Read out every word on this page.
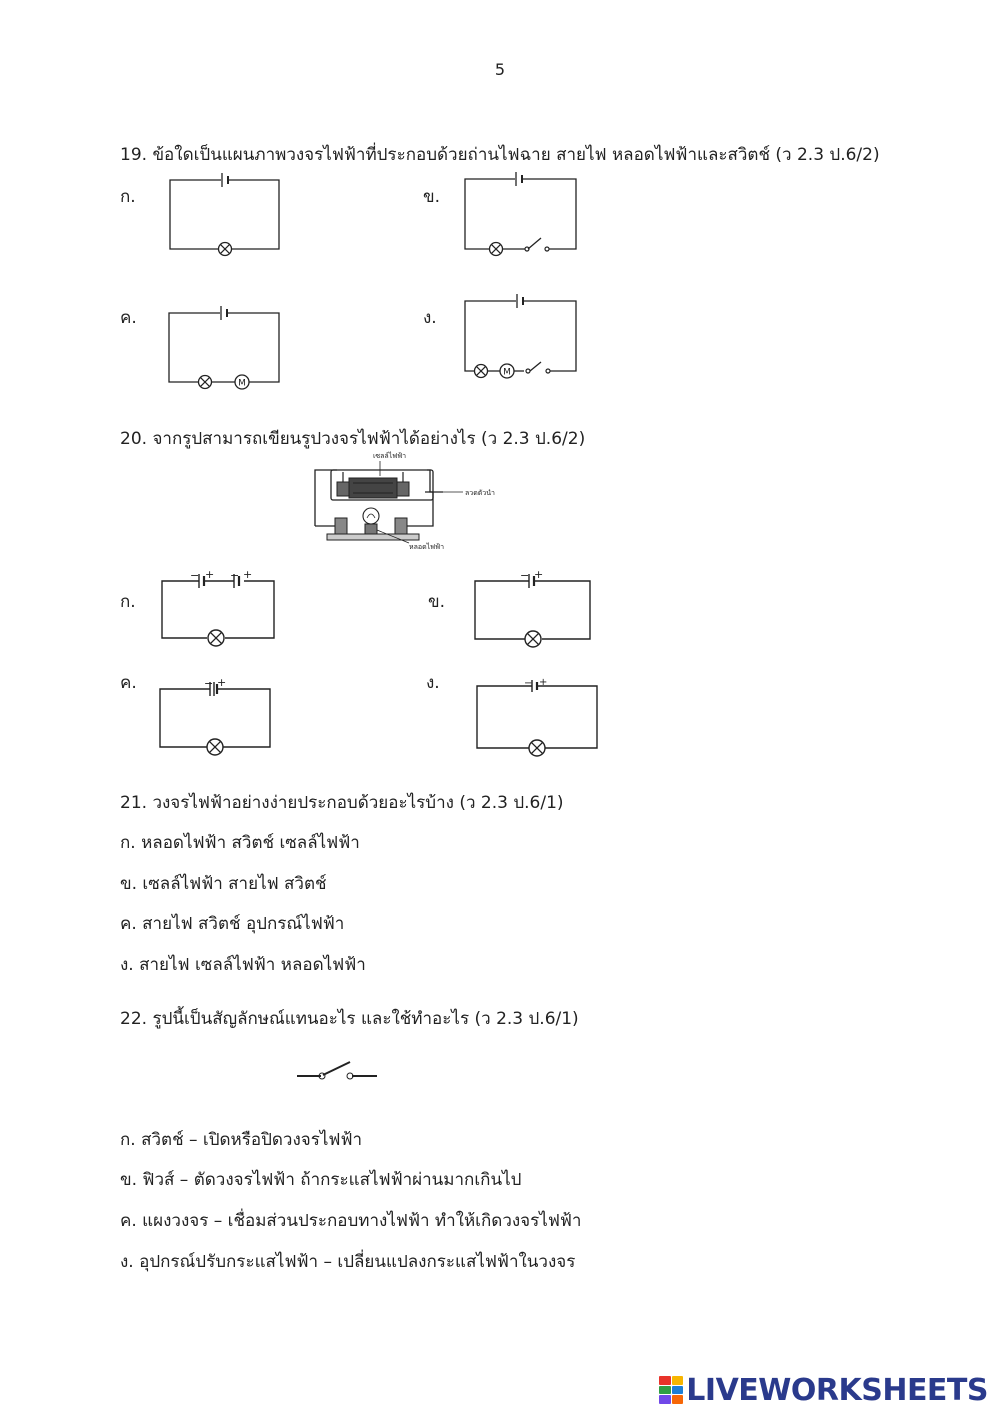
5
19. ข้อใดเป็นแผนภาพวงจรไฟฟ้าที่ประกอบด้วยถ่านไฟฉาย สายไฟ หลอดไฟฟ้าและสวิตช์ (ว 2.3 ป.6/2)
ก.	ข.
ค.
M
ง.
M
20. จากรูปสามารถเขียนรูปวงจรไฟฟ้าได้อย่างไร (ว 2.3 ป.6/2)
เซลล์ไฟฟ้า
ลวดตัวนำ
หลอดไฟฟ้า
ก.
− + − +
ข.
− +
ค.	− +	ง.	− +
21. วงจรไฟฟ้าอย่างง่ายประกอบด้วยอะไรบ้าง (ว 2.3 ป.6/1)
ก. หลอดไฟฟ้า สวิตช์ เซลล์ไฟฟ้า
ข. เซลล์ไฟฟ้า สายไฟ สวิตช์
ค. สายไฟ สวิตช์ อุปกรณ์ไฟฟ้า
ง. สายไฟ เซลล์ไฟฟ้า หลอดไฟฟ้า
22. รูปนี้เป็นสัญลักษณ์แทนอะไร และใช้ทำอะไร (ว 2.3 ป.6/1)
ก. สวิตช์ – เปิดหรือปิดวงจรไฟฟ้า
ข. ฟิวส์ – ตัดวงจรไฟฟ้า ถ้ากระแสไฟฟ้าผ่านมากเกินไป
ค. แผงวงจร – เชื่อมส่วนประกอบทางไฟฟ้า ทำให้เกิดวงจรไฟฟ้า
ง. อุปกรณ์ปรับกระแสไฟฟ้า – เปลี่ยนแปลงกระแสไฟฟ้าในวงจร
LIVEWORKSHEETS
